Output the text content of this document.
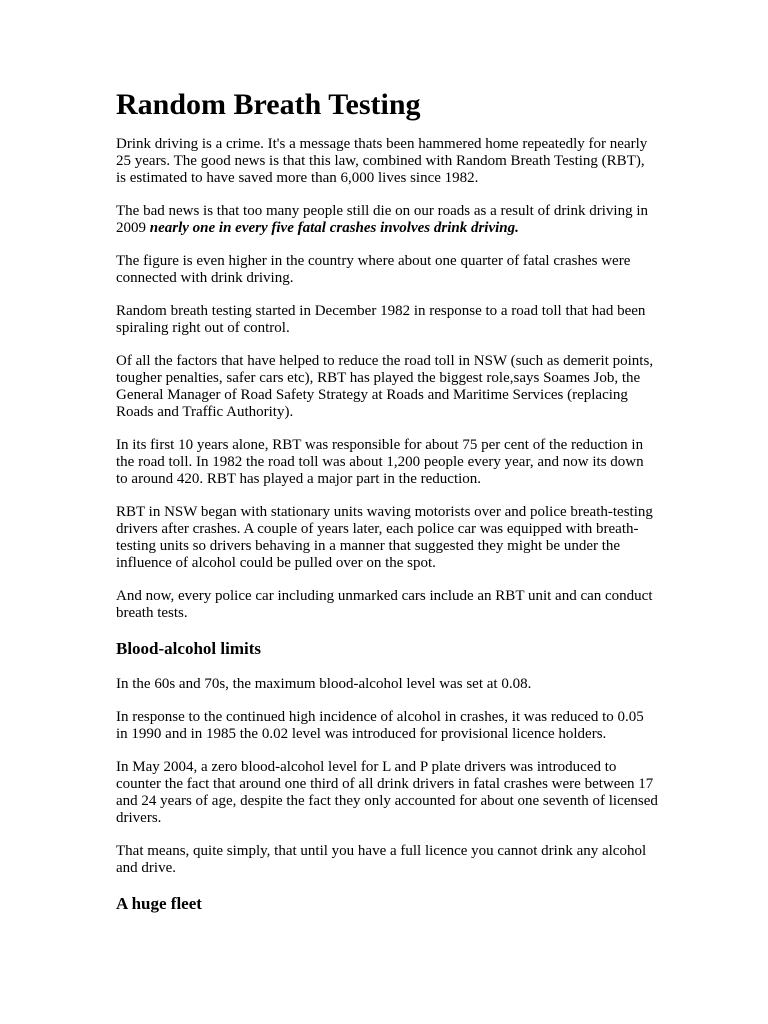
Random Breath Testing

Drink driving is a crime. It's a message thats been hammered home repeatedly for nearly 25 years. The good news is that this law, combined with Random Breath Testing (RBT), is estimated to have saved more than 6,000 lives since 1982.

The bad news is that too many people still die on our roads as a result of drink driving in 2009 nearly one in every five fatal crashes involves drink driving.

The figure is even higher in the country where about one quarter of fatal crashes were connected with drink driving.

Random breath testing started in December 1982 in response to a road toll that had been spiraling right out of control.

Of all the factors that have helped to reduce the road toll in NSW (such as demerit points, tougher penalties, safer cars etc), RBT has played the biggest role,says Soames Job, the General Manager of Road Safety Strategy at Roads and Maritime Services (replacing Roads and Traffic Authority).

In its first 10 years alone, RBT was responsible for about 75 per cent of the reduction in the road toll. In 1982 the road toll was about 1,200 people every year, and now its down to around 420. RBT has played a major part in the reduction.

RBT in NSW began with stationary units waving motorists over and police breath-testing drivers after crashes. A couple of years later, each police car was equipped with breath-testing units so drivers behaving in a manner that suggested they might be under the influence of alcohol could be pulled over on the spot.

And now, every police car including unmarked cars include an RBT unit and can conduct breath tests.

Blood-alcohol limits

In the 60s and 70s, the maximum blood-alcohol level was set at 0.08.

In response to the continued high incidence of alcohol in crashes, it was reduced to 0.05 in 1990 and in 1985 the 0.02 level was introduced for provisional licence holders.

In May 2004, a zero blood-alcohol level for L and P plate drivers was introduced to counter the fact that around one third of all drink drivers in fatal crashes were between 17 and 24 years of age, despite the fact they only accounted for about one seventh of licensed drivers.

That means, quite simply, that until you have a full licence you cannot drink any alcohol and drive.

A huge fleet
